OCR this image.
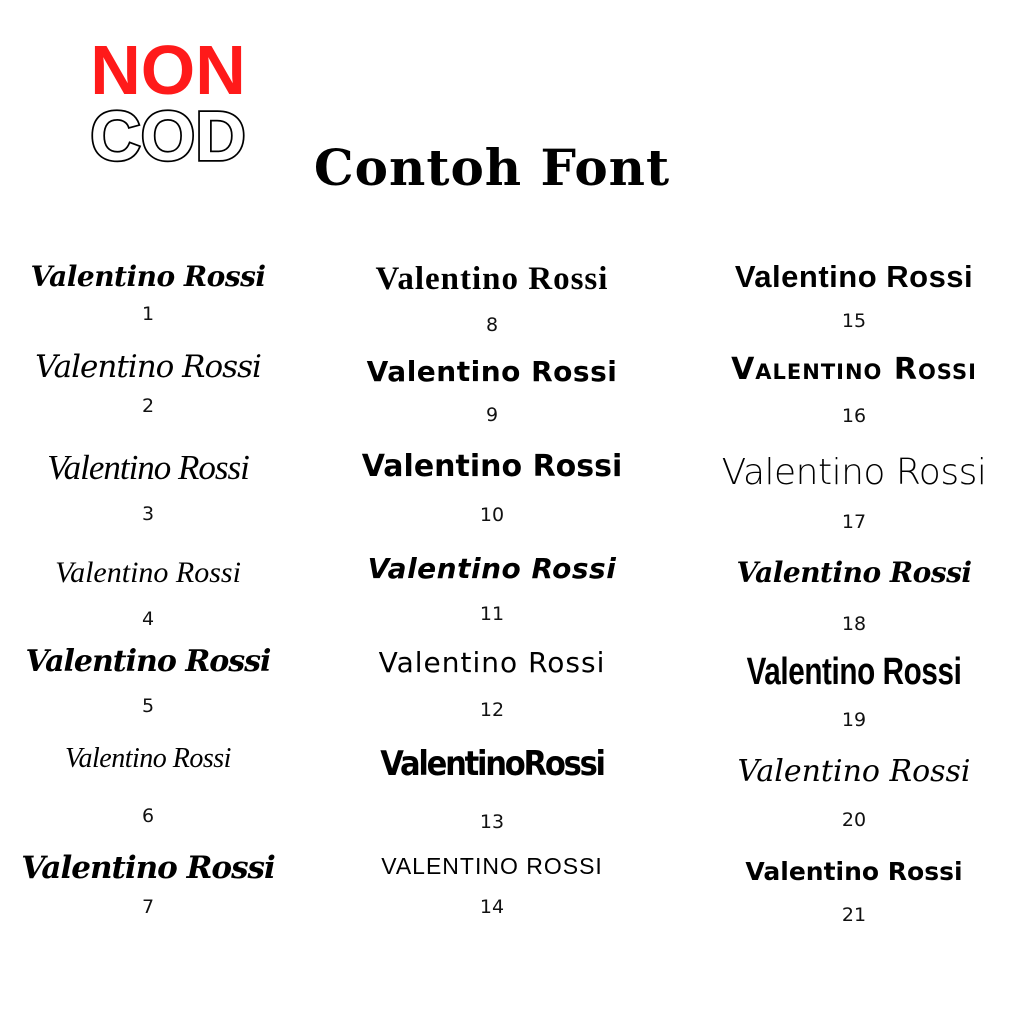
NON
COD	Contoh Font
Valentino Rossi
1
Valentino Rossi
2
Valentino Rossi
3
Valentino Rossi
4
Valentino Rossi
5
Valentino Rossi
6
Valentino Rossi
7
Valentino Rossi
8
Valentino Rossi
9
Valentino Rossi
10
Valentino Rossi
11
Valentino Rossi
12
ValentinoRossi
13
VALENTINO ROSSI
14
Valentino Rossi
15
Valentino Rossi
16
Valentino Rossi
17
Valentino Rossi
18
Valentino Rossi
19
Valentino Rossi
20
Valentino Rossi
21
